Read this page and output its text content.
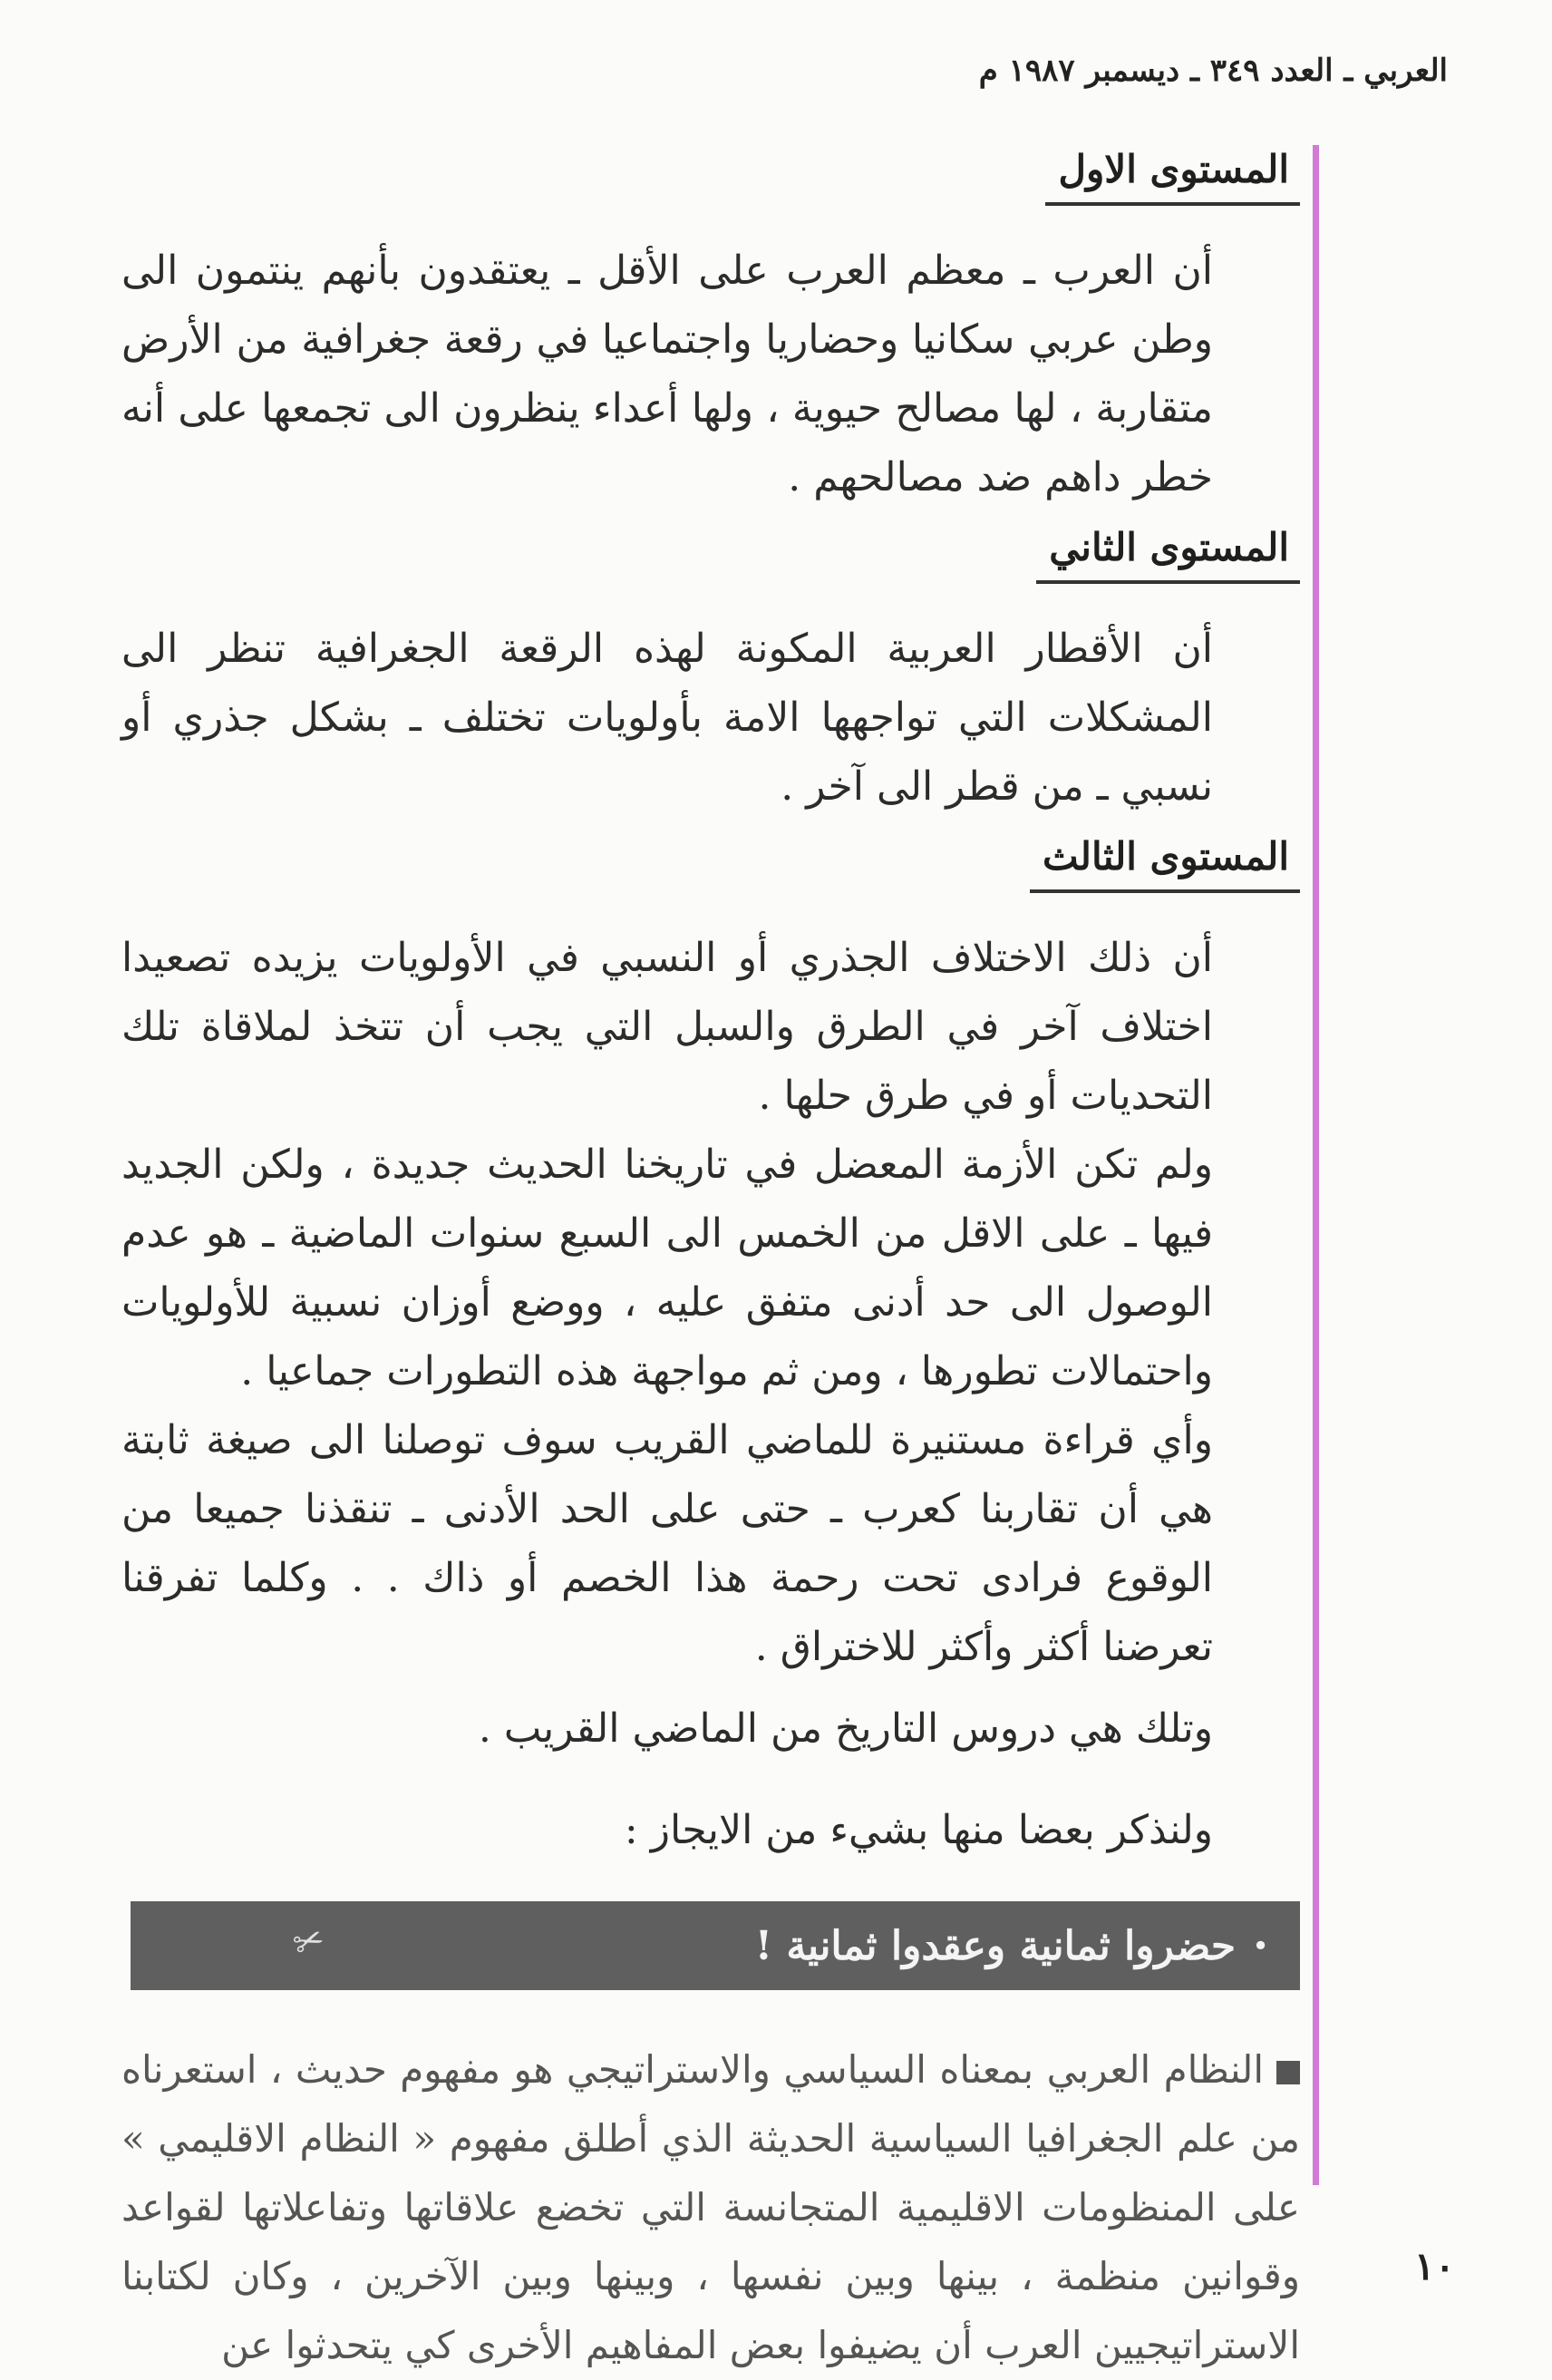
العربي ـ العدد ٣٤٩ ـ ديسمبر ١٩٨٧ م
المستوى الاول

أن العرب ـ معظم العرب على الأقل ـ يعتقدون بأنهم ينتمون الى وطن عربي سكانيا وحضاريا واجتماعيا في رقعة جغرافية من الأرض متقاربة ، لها مصالح حيوية ، ولها أعداء ينظرون الى تجمعها على أنه خطر داهم ضد مصالحهم .

المستوى الثاني

أن الأقطار العربية المكونة لهذه الرقعة الجغرافية تنظر الى المشكلات التي تواجهها الامة بأولويات تختلف ـ بشكل جذري أو نسبي ـ من قطر الى آخر .

المستوى الثالث

أن ذلك الاختلاف الجذري أو النسبي في الأولويات يزيده تصعيدا اختلاف آخر في الطرق والسبل التي يجب أن تتخذ لملاقاة تلك التحديات أو في طرق حلها .

ولم تكن الأزمة المعضل في تاريخنا الحديث جديدة ، ولكن الجديد فيها ـ على الاقل من الخمس الى السبع سنوات الماضية ـ هو عدم الوصول الى حد أدنى متفق عليه ، ووضع أوزان نسبية للأولويات واحتمالات تطورها ، ومن ثم مواجهة هذه التطورات جماعيا .

وأي قراءة مستنيرة للماضي القريب سوف توصلنا الى صيغة ثابتة هي أن تقاربنا كعرب ـ حتى على الحد الأدنى ـ تنقذنا جميعا من الوقوع فرادى تحت رحمة هذا الخصم أو ذاك . . وكلما تفرقنا تعرضنا أكثر وأكثر للاختراق .

وتلك هي دروس التاريخ من الماضي القريب .

ولنذكر بعضا منها بشيء من الايجاز :

•
حضروا ثمانية وعقدوا ثمانية !
✂

النظام العربي بمعناه السياسي والاستراتيجي هو مفهوم حديث ، استعرناه من علم الجغرافيا السياسية الحديثة الذي أطلق مفهوم « النظام الاقليمي » على المنظومات الاقليمية المتجانسة التي تخضع علاقاتها وتفاعلاتها لقواعد وقوانين منظمة ، بينها وبين نفسها ، وبينها وبين الآخرين ، وكان لكتابنا الاستراتيجيين العرب أن يضيفوا بعض المفاهيم الأخرى كي يتحدثوا عن

١٠
